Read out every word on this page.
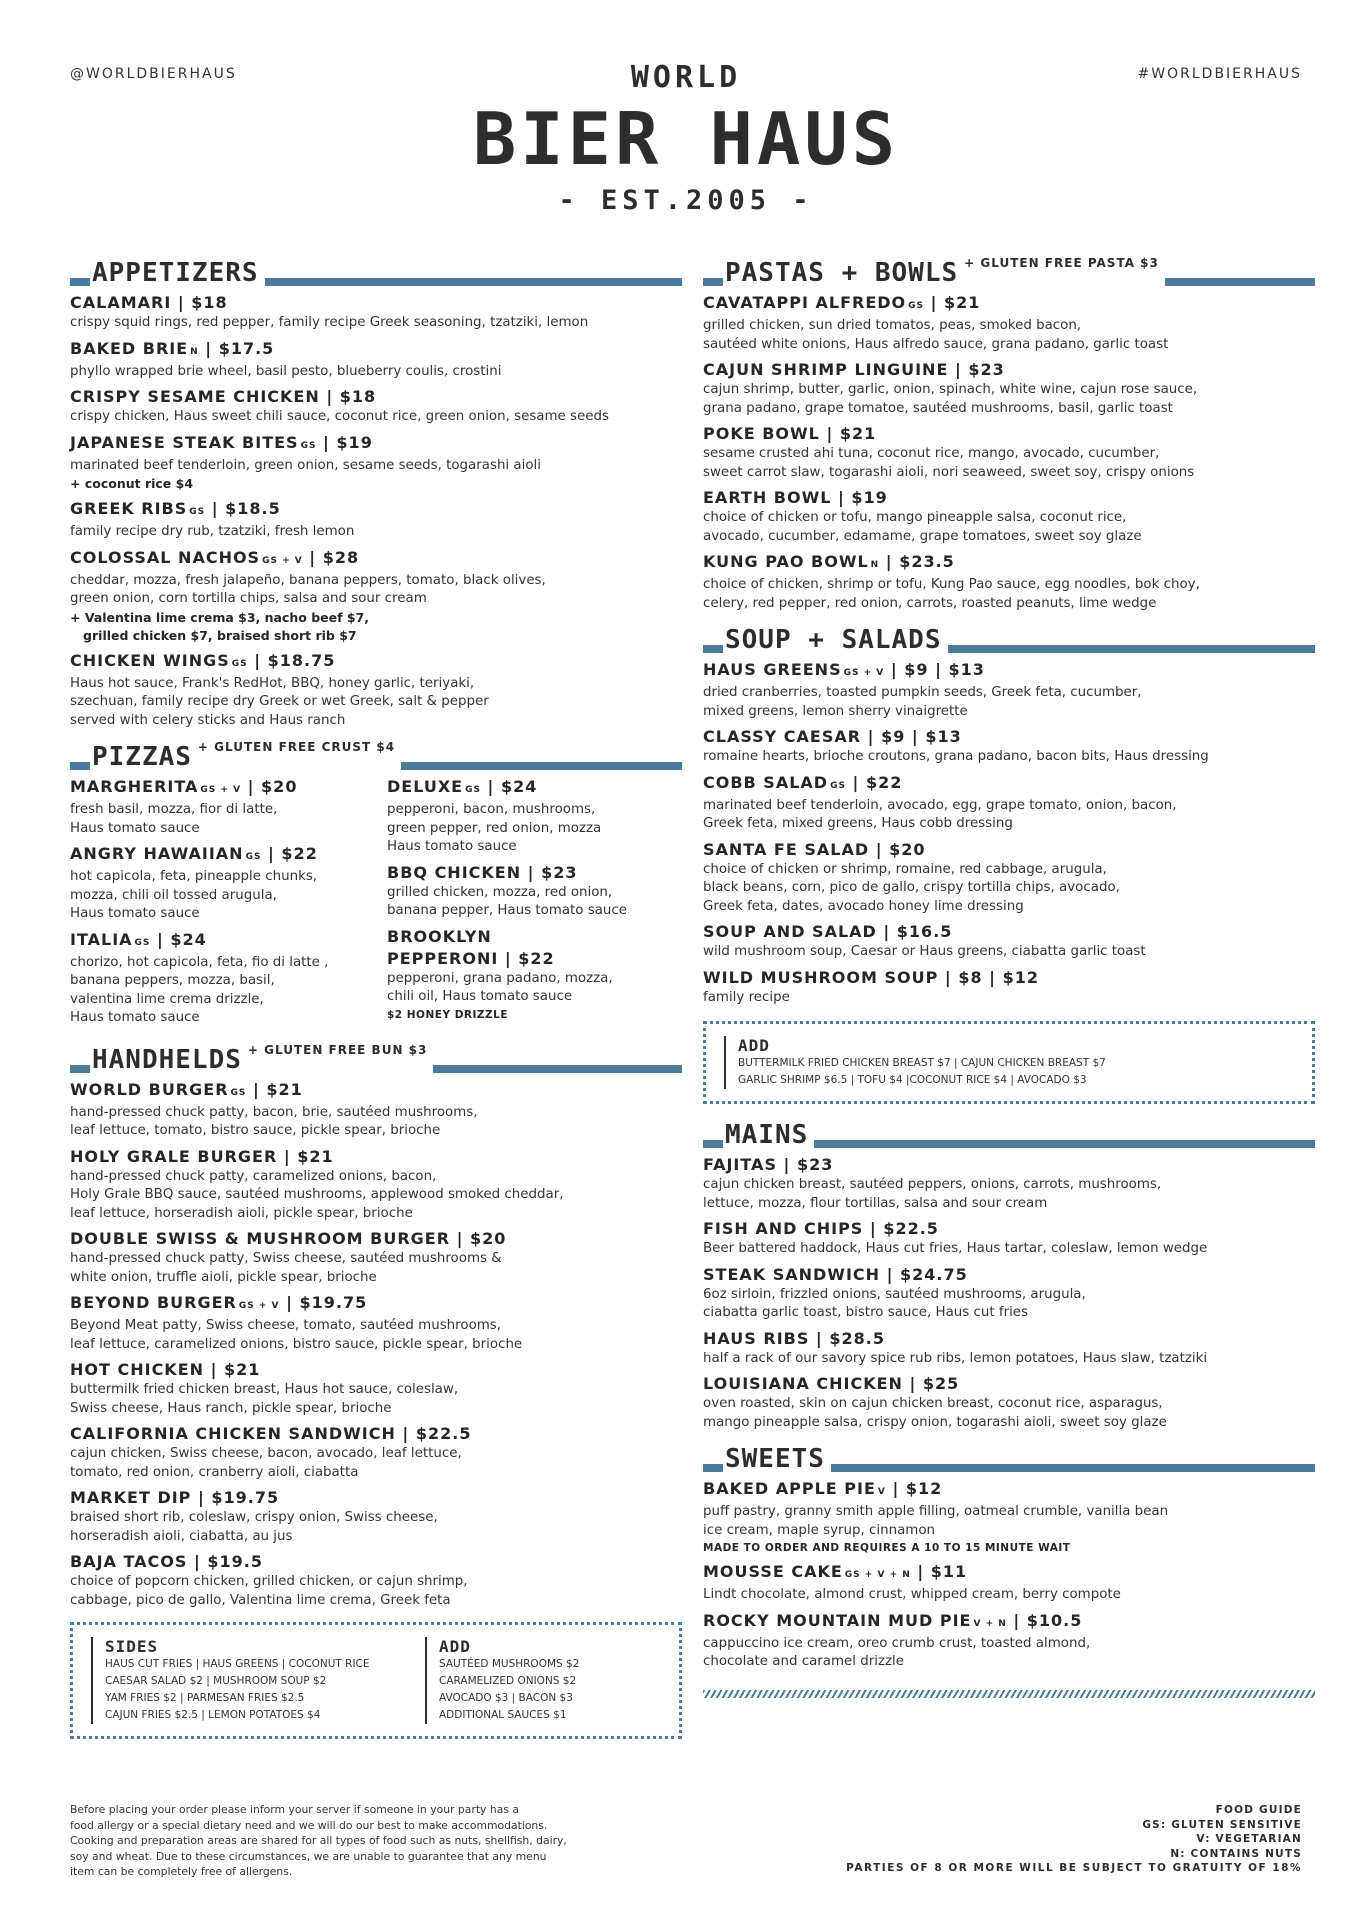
@WORLDBIERHAUS	#WORLDBIERHAUS
WORLD
BIER HAUS
- EST.2005 -
APPETIZERS
CALAMARI | $18
crispy squid rings, red pepper, family recipe Greek seasoning, tzatziki, lemon
BAKED BRIE N | $17.5
phyllo wrapped brie wheel, basil pesto, blueberry coulis, crostini
CRISPY SESAME CHICKEN | $18
crispy chicken, Haus sweet chili sauce, coconut rice, green onion, sesame seeds
JAPANESE STEAK BITES GS | $19
marinated beef tenderloin, green onion, sesame seeds, togarashi aioli
+ coconut rice $4
GREEK RIBS GS | $18.5
family recipe dry rub, tzatziki, fresh lemon
COLOSSAL NACHOS GS + V | $28
cheddar, mozza, fresh jalapeño, banana peppers, tomato, black olives,
green onion, corn tortilla chips, salsa and sour cream
+ Valentina lime crema $3, nacho beef $7,
grilled chicken $7, braised short rib $7
CHICKEN WINGS GS | $18.75
Haus hot sauce, Frank's RedHot, BBQ, honey garlic, teriyaki,
szechuan, family recipe dry Greek or wet Greek, salt & pepper
served with celery sticks and Haus ranch
PIZZAS $^{+ GLUTEN FREE CRUST \$4}$
MARGHERITA GS + V | $20
fresh basil, mozza, fior di latte,
Haus tomato sauce
ANGRY HAWAIIAN GS | $22
hot capicola, feta, pineapple chunks,
mozza, chili oil tossed arugula,
Haus tomato sauce
ITALIA GS | $24
chorizo, hot capicola, feta, fio di latte ,
banana peppers, mozza, basil,
valentina lime crema drizzle,
Haus tomato sauce
DELUXE GS | $24
pepperoni, bacon, mushrooms,
green pepper, red onion, mozza
Haus tomato sauce
BBQ CHICKEN | $23
grilled chicken, mozza, red onion,
banana pepper, Haus tomato sauce
BROOKLYN
PEPPERONI | $22
pepperoni, grana padano, mozza,
chili oil, Haus tomato sauce
$2 HONEY DRIZZLE
HANDHELDS $^{+ GLUTEN FREE BUN \$3}$
WORLD BURGER GS | $21
hand-pressed chuck patty, bacon, brie, sautéed mushrooms,
leaf lettuce, tomato, bistro sauce, pickle spear, brioche
HOLY GRALE BURGER | $21
hand-pressed chuck patty, caramelized onions, bacon,
Holy Grale BBQ sauce, sautéed mushrooms, applewood smoked cheddar,
leaf lettuce, horseradish aioli, pickle spear, brioche
DOUBLE SWISS & MUSHROOM BURGER | $20
hand-pressed chuck patty, Swiss cheese, sautéed mushrooms &
white onion, truffle aioli, pickle spear, brioche
BEYOND BURGER GS + V | $19.75
Beyond Meat patty, Swiss cheese, tomato, sautéed mushrooms,
leaf lettuce, caramelized onions, bistro sauce, pickle spear, brioche
HOT CHICKEN | $21
buttermilk fried chicken breast, Haus hot sauce, coleslaw,
Swiss cheese, Haus ranch, pickle spear, brioche
CALIFORNIA CHICKEN SANDWICH | $22.5
cajun chicken, Swiss cheese, bacon, avocado, leaf lettuce,
tomato, red onion, cranberry aioli, ciabatta
MARKET DIP | $19.75
braised short rib, coleslaw, crispy onion, Swiss cheese,
horseradish aioli, ciabatta, au jus
BAJA TACOS | $19.5
choice of popcorn chicken, grilled chicken, or cajun shrimp,
cabbage, pico de gallo, Valentina lime crema, Greek feta
SIDES
HAUS CUT FRIES | HAUS GREENS | COCONUT RICE
CAESAR SALAD $2 | MUSHROOM SOUP $2
YAM FRIES $2 | PARMESAN FRIES $2.5
CAJUN FRIES $2.5 | LEMON POTATOES $4
ADD
SAUTÉED MUSHROOMS $2
CARAMELIZED ONIONS $2
AVOCADO $3 | BACON $3
ADDITIONAL SAUCES $1
PASTAS + BOWLS $^{+ GLUTEN FREE PASTA \$3}$
CAVATAPPI ALFREDO GS | $21
grilled chicken, sun dried tomatos, peas, smoked bacon,
sautéed white onions, Haus alfredo sauce, grana padano, garlic toast
CAJUN SHRIMP LINGUINE | $23
cajun shrimp, butter, garlic, onion, spinach, white wine, cajun rose sauce,
grana padano, grape tomatoe, sautéed mushrooms, basil, garlic toast
POKE BOWL | $21
sesame crusted ahi tuna, coconut rice, mango, avocado, cucumber,
sweet carrot slaw, togarashi aioli, nori seaweed, sweet soy, crispy onions
EARTH BOWL | $19
choice of chicken or tofu, mango pineapple salsa, coconut rice,
avocado, cucumber, edamame, grape tomatoes, sweet soy glaze
KUNG PAO BOWL N | $23.5
choice of chicken, shrimp or tofu, Kung Pao sauce, egg noodles, bok choy,
celery, red pepper, red onion, carrots, roasted peanuts, lime wedge
SOUP + SALADS
HAUS GREENS GS + V | $9 | $13
dried cranberries, toasted pumpkin seeds, Greek feta, cucumber,
mixed greens, lemon sherry vinaigrette
CLASSY CAESAR | $9 | $13
romaine hearts, brioche croutons, grana padano, bacon bits, Haus dressing
COBB SALAD GS | $22
marinated beef tenderloin, avocado, egg, grape tomato, onion, bacon,
Greek feta, mixed greens, Haus cobb dressing
SANTA FE SALAD | $20
choice of chicken or shrimp, romaine, red cabbage, arugula,
black beans, corn, pico de gallo, crispy tortilla chips, avocado,
Greek feta, dates, avocado honey lime dressing
SOUP AND SALAD | $16.5
wild mushroom soup, Caesar or Haus greens, ciabatta garlic toast
WILD MUSHROOM SOUP | $8 | $12
family recipe
ADD
BUTTERMILK FRIED CHICKEN BREAST $7 | CAJUN CHICKEN BREAST $7
GARLIC SHRIMP $6.5 | TOFU $4 |COCONUT RICE $4 | AVOCADO $3
MAINS
FAJITAS | $23
cajun chicken breast, sautéed peppers, onions, carrots, mushrooms,
lettuce, mozza, flour tortillas, salsa and sour cream
FISH AND CHIPS | $22.5
Beer battered haddock, Haus cut fries, Haus tartar, coleslaw, lemon wedge
STEAK SANDWICH | $24.75
6oz sirloin, frizzled onions, sautéed mushrooms, arugula,
ciabatta garlic toast, bistro sauce, Haus cut fries
HAUS RIBS | $28.5
half a rack of our savory spice rub ribs, lemon potatoes, Haus slaw, tzatziki
LOUISIANA CHICKEN | $25
oven roasted, skin on cajun chicken breast, coconut rice, asparagus,
mango pineapple salsa, crispy onion, togarashi aioli, sweet soy glaze
SWEETS
BAKED APPLE PIE V | $12
puff pastry, granny smith apple filling, oatmeal crumble, vanilla bean
ice cream, maple syrup, cinnamon
MADE TO ORDER AND REQUIRES A 10 TO 15 MINUTE WAIT
MOUSSE CAKE GS + V + N | $11
Lindt chocolate, almond crust, whipped cream, berry compote
ROCKY MOUNTAIN MUD PIE V + N | $10.5
cappuccino ice cream, oreo crumb crust, toasted almond,
chocolate and caramel drizzle
Before placing your order please inform your server if someone in your party has a
food allergy or a special dietary need and we will do our best to make accommodations.
Cooking and preparation areas are shared for all types of food such as nuts, shellfish, dairy,
soy and wheat. Due to these circumstances, we are unable to guarantee that any menu
item can be completely free of allergens.
FOOD GUIDE
GS: GLUTEN SENSITIVE
V: VEGETARIAN
N: CONTAINS NUTS
PARTIES OF 8 OR MORE WILL BE SUBJECT TO GRATUITY OF 18%
